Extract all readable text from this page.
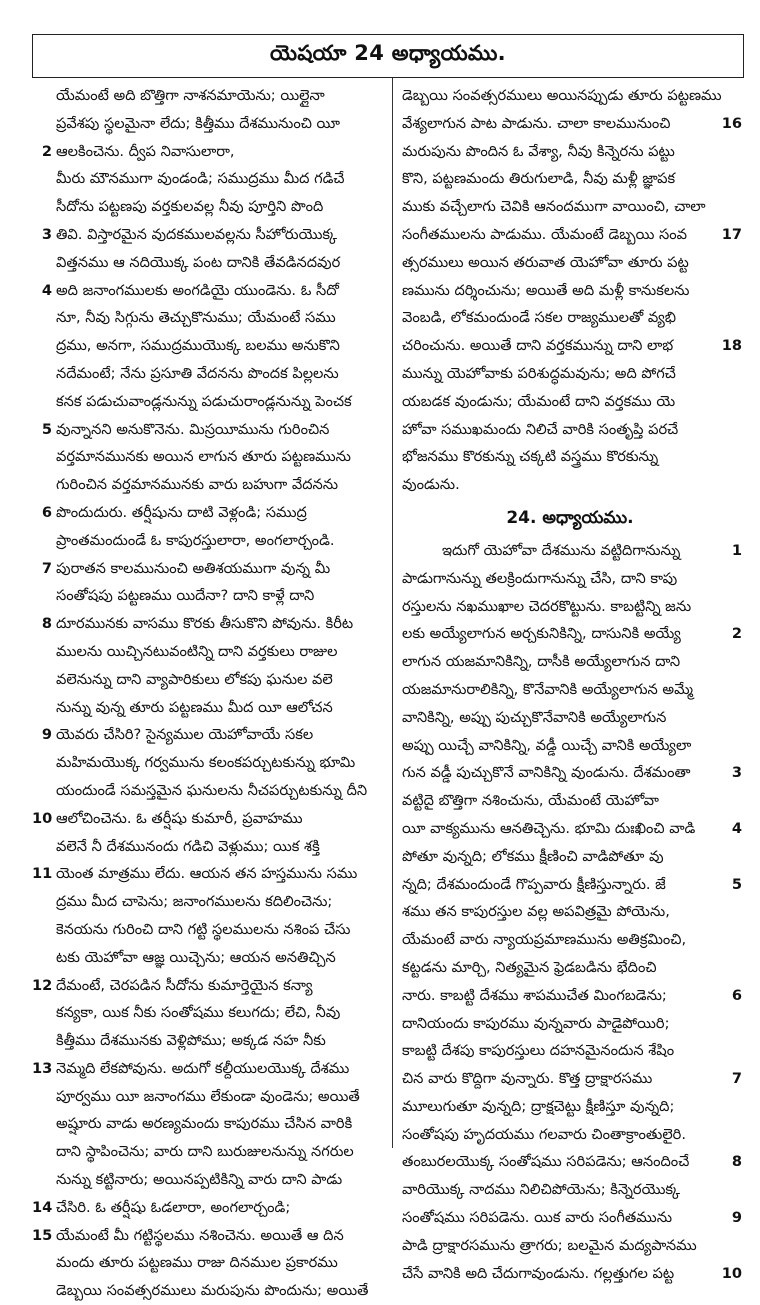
యెషయా 24 అధ్యాయము.
యేమంటే అది బొత్తిగా నాశనమాయెను; యిల్లైనా
ప్రవేశపు స్థలమైనా లేదు; కిత్తీము దేశమునుంచి యీ
2 ఆలకించెను. ద్వీప నివాసులారా,
మీరు మౌనముగా వుండండి; సముద్రము మీద గడిచే
సీదోను పట్టణపు వర్తకులవల్ల నీవు పూర్తిని పొంది
3 తివి. విస్తారమైన వుదకములవల్లను సీహోరుయొక్క
విత్తనము ఆ నదియొక్క పంట దానికి తేవడినదవుర
4 అది జనాంగములకు అంగడియై యుండెను. ఓ సీదో
నూ, నీవు సిగ్గును తెచ్చుకొనుము; యేమంటే సము
ద్రము, అనగా, సముద్రముయొక్క బలము అనుకొని
నదేమంటే; నేను ప్రసూతి వేదనను పొందక పిల్లలను
కనక పడుచువాండ్లనున్ను పడుచురాండ్లనున్ను పెంచక
5 వున్నానని అనుకొనెను. మిస్రయీమును గురించిన
వర్తమానమునకు అయిన లాగున తూరు పట్టణమును
గురించిన వర్తమానమునకు వారు బహుగా వేదనను
6 పొందుదురు. తర్షీషును దాటి వెళ్లండి; సముద్ర
ప్రాంతమందుండే ఓ కాపురస్తులారా, అంగలార్చండి.
7 పురాతన కాలమునుంచి అతిశయముగా వున్న మీ
సంతోషపు పట్టణము యిదేనా? దాని కాళ్లే దాని
8 దూరమునకు వాసము కొరకు తీసుకొని పోవును. కిరీట
ములను యిచ్చినటువంటిన్ని దాని వర్తకులు రాజుల
వలెనున్ను దాని వ్యాపారికులు లోకపు ఘనుల వలె
నున్ను వున్న తూరు పట్టణము మీద యీ ఆలోచన
9 యెవరు చేసిరి? సైన్యముల యెహోవాయే సకల
మహిమయొక్క గర్వమును కలంకపర్చుటకున్ను భూమి
యందుండే సమస్తమైన ఘనులను నీచపర్చుటకున్ను దీని
10 ఆలోచించెను. ఓ తర్షీషు కుమారీ, ప్రవాహము
వలెనే నీ దేశమునందు గడిచి వెళ్లుము; యిక శక్తి
11 యెంత మాత్రము లేదు. ఆయన తన హస్తమును సము
ద్రము మీద చాపెను; జనాంగములను కదిలించెను;
కెనయను గురించి దాని గట్టి స్థలములను నశింప చేసు
టకు యెహోవా ఆజ్ఞ యిచ్చెను; ఆయన అనతిచ్చిన
12 దేమంటే, చెరపడిన సీదోను కుమార్తెయైన కన్యా
కన్యకా, యిక నీకు సంతోషము కలుగదు; లేచి, నీవు
కిత్తీము దేశమునకు వెళ్లిపోము; అక్కడ నహ నీకు
13 నెమ్మది లేకపోవును. అదుగో కల్దీయులయొక్క దేశము
పూర్వము యీ జనాంగము లేకుండా వుండెను; అయితే
అష్షూరు వాడు అరణ్యమందు కాపురము చేసిన వారికి
దాని స్థాపించెను; వారు దాని బురుజులనున్ను నగరుల
నున్ను కట్టినారు; అయినప్పటికిన్ని వారు దాని పాడు
14 చేసిరి. ఓ తర్షీషు ఓడలారా, అంగలార్చండి;
15 యేమంటే మీ గట్టిస్థలము నశించెను. అయితే ఆ దిన
మందు తూరు పట్టణము రాజు దినముల ప్రకారము
డెబ్బయి సంవత్సరములు మరుపును పొందును; అయితే
డెబ్బయి సంవత్సరములు అయినప్పుడు తూరు పట్టణము
16
వేశ్యలాగున పాట పాడును. చాలా కాలమునుంచి
మరుపును పొందిన ఓ వేశ్యా, నీవు కిన్నెరను పట్టు
కొని, పట్టణమందు తిరుగులాడి, నీవు మళ్లీ జ్ఞాపక
ముకు వచ్చేలాగు చెవికి ఆనందముగా వాయించి, చాలా
17
సంగీతములను పాడుము. యేమంటే డెబ్బయి సంవ
త్సరములు అయిన తరువాత యెహోవా తూరు పట్ట
ణమును దర్శించును; అయితే అది మళ్లీ కానుకలను
వెంబడి, లోకమందుండే సకల రాజ్యములతో వ్యభి
18
చరించును. అయితే దాని వర్తకమున్ను దాని లాభ
మున్ను యెహోవాకు పరిశుద్ధమవును; అది పోగచే
యబడక వుండును; యేమంటే దాని వర్తకము యె
హోవా సముఖమందు నిలిచే వారికి సంతృప్తి పరచే
భోజనము కొరకున్ను చక్కటి వస్త్రము కొరకున్ను
వుండును.
24. అధ్యాయము.
1
ఇదుగో యెహోవా దేశమును వట్టిదిగానున్ను
పాడుగానున్ను తలక్రిందుగానున్ను చేసి, దాని కాపు
రస్తులను నఖముఖాల చెదరకొట్టును. కాబట్టిన్ని జను
2
లకు అయ్యేలాగున అర్చకునికిన్ని, దాసునికి అయ్యే
లాగున యజమానికిన్ని, దాసీకి అయ్యేలాగున దాని
యజమానురాలికిన్ని, కొనేవానికి అయ్యేలాగున అమ్మే
వానికిన్ని, అప్పు పుచ్చుకొనేవానికి అయ్యేలాగున
అప్పు యిచ్చే వానికిన్ని, వడ్డీ యిచ్చే వానికి అయ్యేలా
3
గున వడ్డీ పుచ్చుకొనే వానికిన్ని వుండును. దేశమంతా
వట్టిదై బొత్తిగా నశించును, యేమంటే యెహోవా
4
యీ వాక్యమును ఆనతిచ్చెను. భూమి దుఃఖించి వాడి
పోతూ వున్నది; లోకము క్షీణించి వాడిపోతూ వు
5
న్నది; దేశమందుండే గొప్పవారు క్షీణిస్తున్నారు. జే
శము తన కాపురస్తుల వల్ల అపవిత్రమై పోయెను,
యేమంటే వారు న్యాయప్రమాణమును అతిక్రమించి,
కట్టడను మార్చి, నిత్యమైన ఫ్రెడబడిను భేదించి
6
నారు. కాబట్టి దేశము శాపముచేత మింగబడెను;
దానియందు కాపురము వున్నవారు పాడైపోయిరి;
కాబట్టి దేశపు కాపురస్తులు దహనమైనందున శేషిం
7
చిన వారు కొద్దిగా వున్నారు. కొత్త ద్రాక్షారసము
మూలుగుతూ వున్నది; ద్రాక్షచెట్టు క్షీణిస్తూ వున్నది;
సంతోషపు హృదయము గలవారు చింతాక్రాంతులైరి.
8
తంబురలయొక్క సంతోషము సరిపడెను; ఆనందించే
వారియొక్క నాదము నిలిచిపోయెను; కిన్నెరయొక్క
9
సంతోషము సరిపడెను. యిక వారు సంగీతమును
పాడి ద్రాక్షారసమును త్రాగరు; బలమైన మద్యపానము
10
చేసే వానికి అది చేదుగావుండును. గల్లత్తుగల పట్ట
